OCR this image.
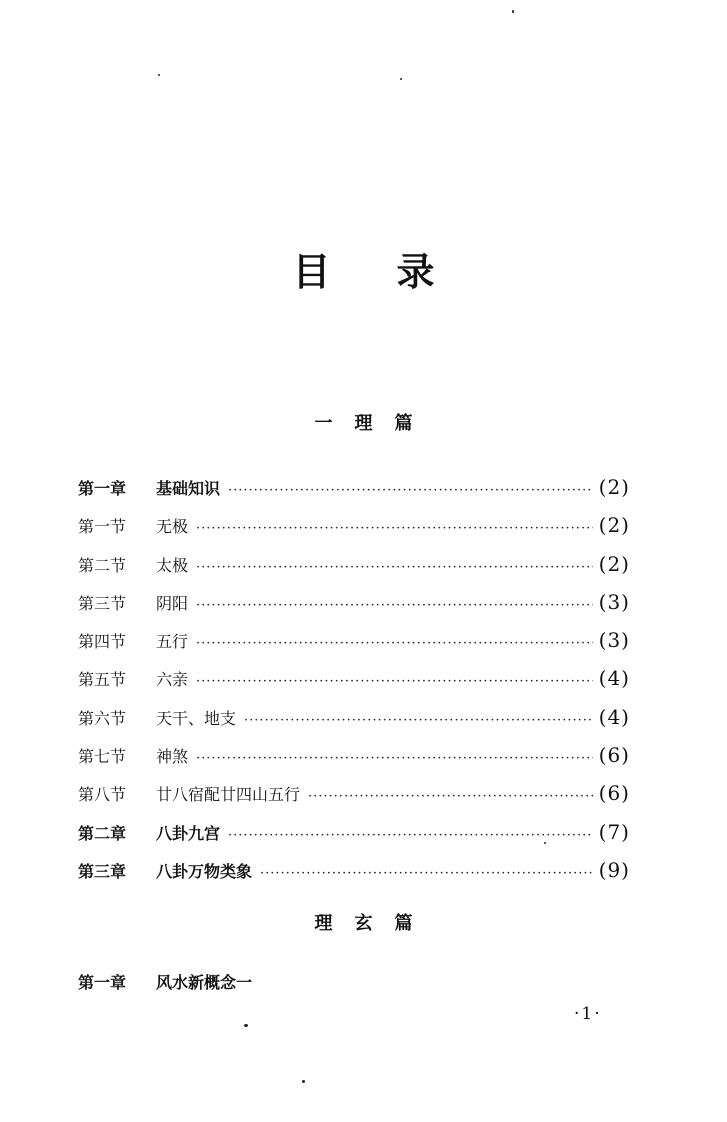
目录
一理篇
第一章	基础知识 ·····	(2)
第一节	无极 ·····	(2)
第二节	太极 ·····	(2)
第三节	阴阳 ·····	(3)
第四节	五行 ·····	(3)
第五节	六亲 ·····	(4)
第六节	天干、地支 ·····	(4)
第七节	神煞 ·····	(6)
第八节	廿八宿配廿四山五行 ·····	(6)
第二章	八卦九宫 ·····	(7)
第三章	八卦万物类象 ·····	(9)
理玄篇
第一章	风水新概念一
·1·
